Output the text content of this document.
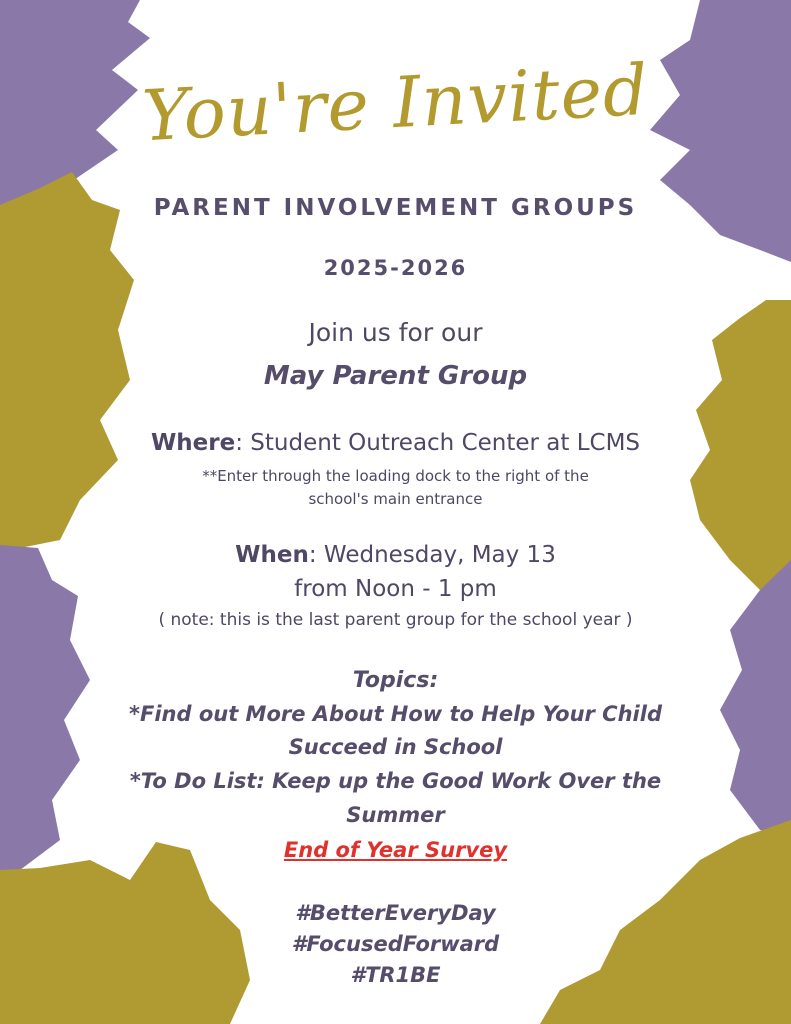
You're Invited
PARENT INVOLVEMENT GROUPS
2025-2026
Join us for our
May Parent Group
Where: Student Outreach Center at LCMS
**Enter through the loading dock to the right of the
school's main entrance
When: Wednesday, May 13
from Noon - 1 pm
( note: this is the last parent group for the school year )
Topics:
*Find out More About How to Help Your Child
Succeed in School
*To Do List: Keep up the Good Work Over the
Summer
End of Year Survey
#BetterEveryDay
#FocusedForward
#TR1BE
